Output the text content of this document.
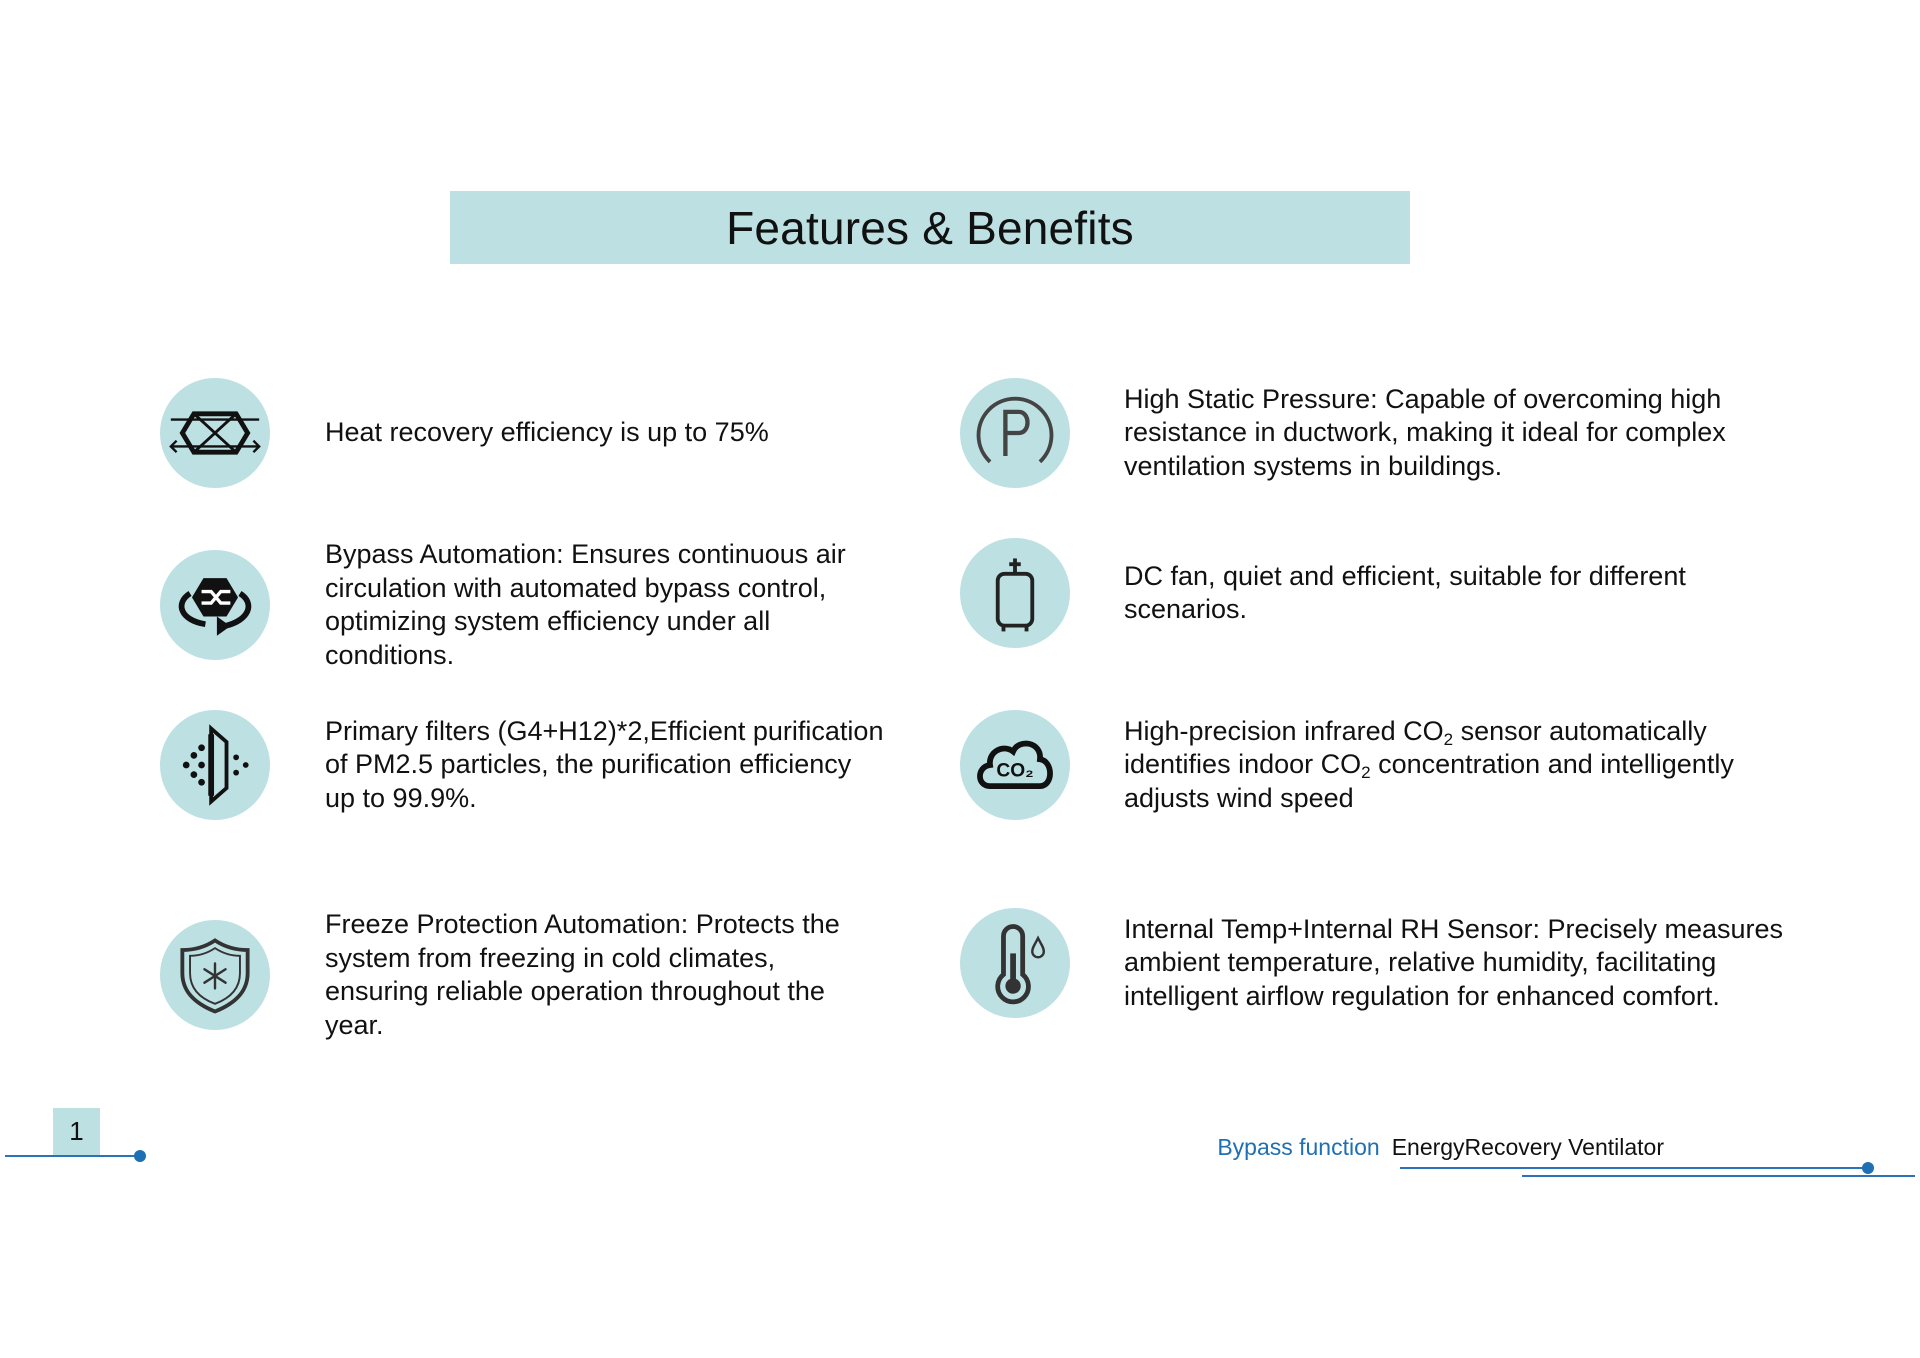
Features & Benefits
Heat recovery efficiency is up to 75%
Bypass Automation: Ensures continuous air circulation with automated bypass control, optimizing system efficiency under all conditions.
Primary filters (G4+H12)*2,Efficient purification of PM2.5 particles, the purification efficiency up to 99.9%.
Freeze Protection Automation: Protects the system from freezing in cold climates, ensuring reliable operation throughout the year.
High Static Pressure: Capable of overcoming high resistance in ductwork, making it ideal for complex ventilation systems in buildings.
DC fan, quiet and efficient, suitable for different scenarios.
CO₂
High-precision infrared $CO_2$ sensor automatically identifies indoor $CO_2$ concentration and intelligently adjusts wind speed
Internal Temp+Internal RH Sensor: Precisely measures ambient temperature, relative humidity, facilitating intelligent airflow regulation for enhanced comfort.
1
Bypass function EnergyRecovery Ventilator
